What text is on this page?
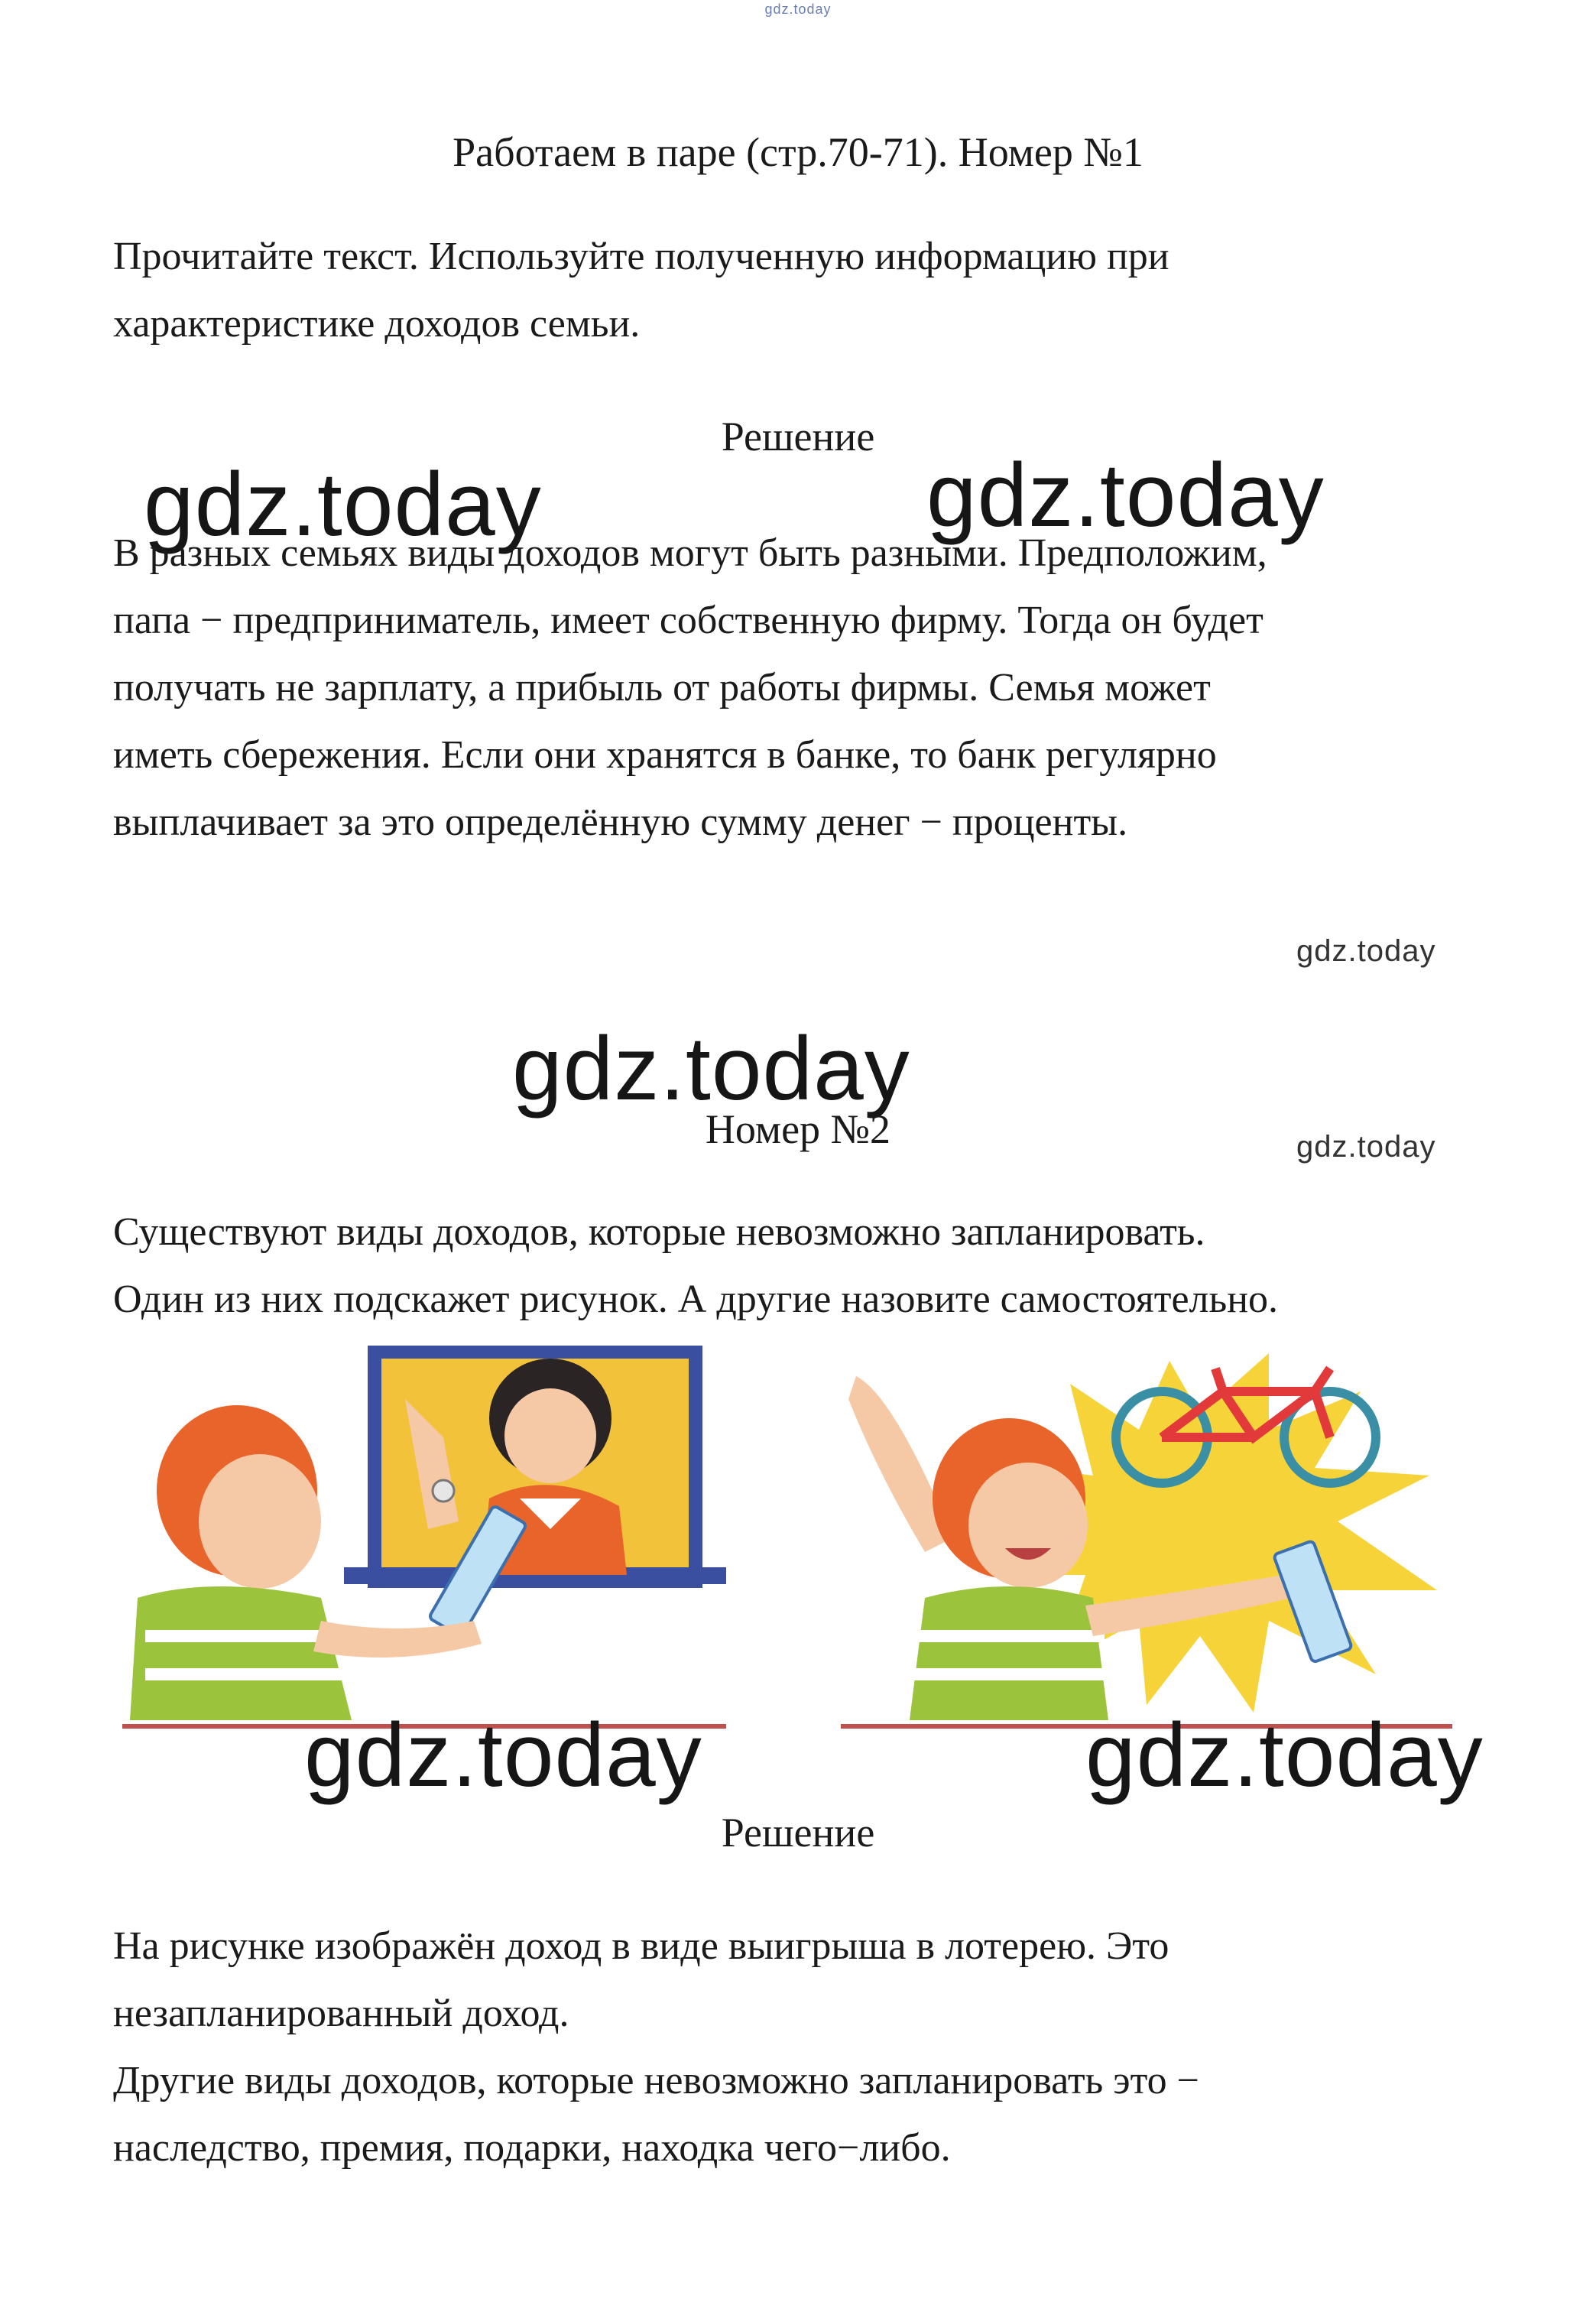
gdz.today
Работаем в паре (стр.70-71). Номер №1
Прочитайте текст. Используйте полученную информацию при
характеристике доходов семьи.
Решение
gdz.today	gdz.today
В разных семьях виды доходов могут быть разными. Предположим,
папа − предприниматель, имеет собственную фирму. Тогда он будет
получать не зарплату, а прибыль от работы фирмы. Семья может
иметь сбережения. Если они хранятся в банке, то банк регулярно
выплачивает за это определённую сумму денег − проценты.
gdz.today
gdz.today
Номер №2	gdz.today
Существуют виды доходов, которые невозможно запланировать.
Один из них подскажет рисунок. А другие назовите самостоятельно.
gdz.today	gdz.today
Решение
На рисунке изображён доход в виде выигрыша в лотерею. Это
незапланированный доход.
Другие виды доходов, которые невозможно запланировать это −
наследство, премия, подарки, находка чего−либо.
